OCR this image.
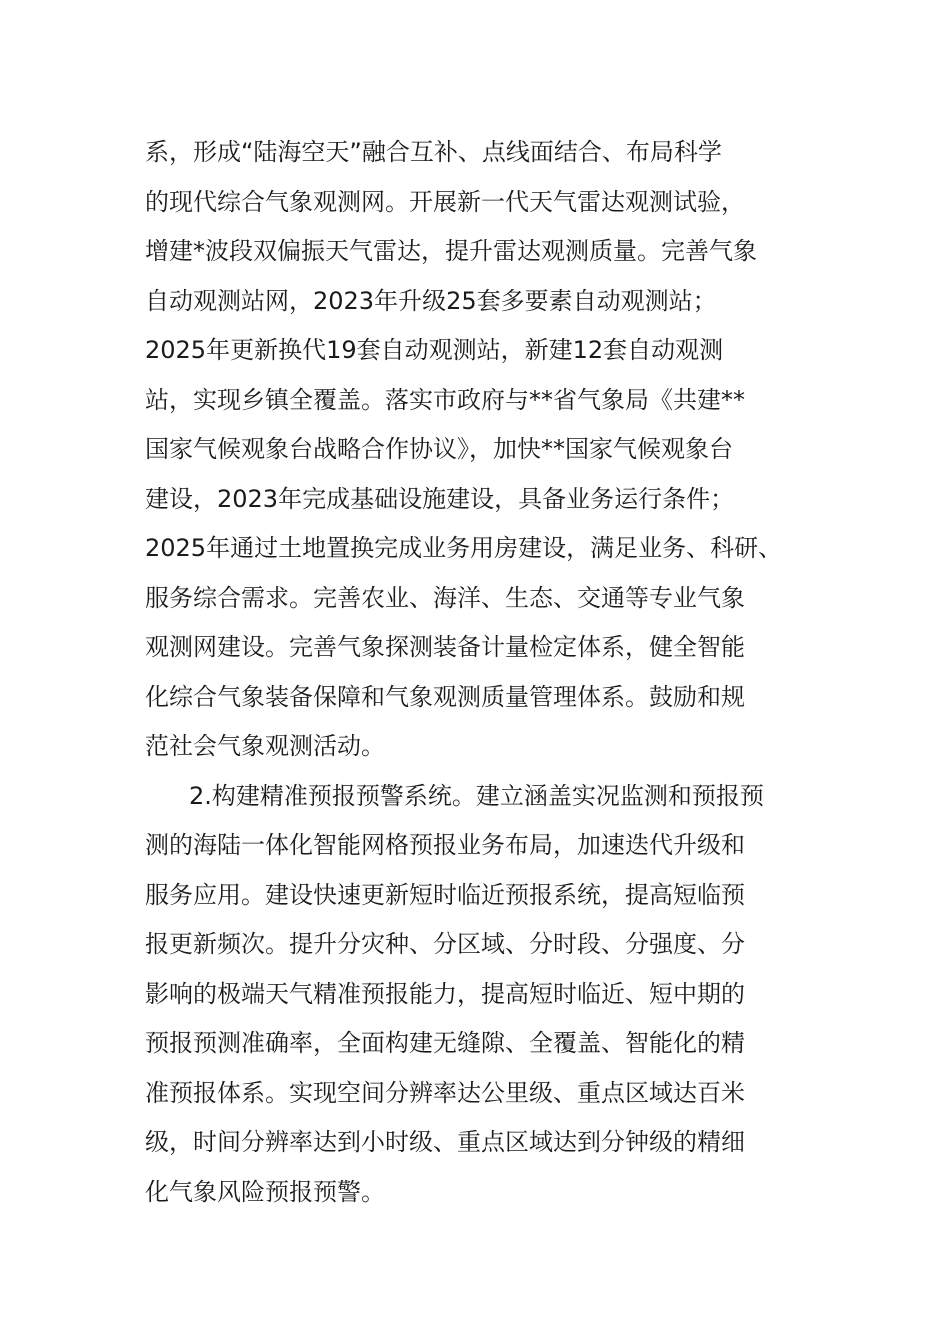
系，形成“陆海空天”融合互补、点线面结合、布局科学
的现代综合气象观测网。开展新一代天气雷达观测试验，
增建*波段双偏振天气雷达，提升雷达观测质量。完善气象
自动观测站网，2023年升级25套多要素自动观测站；
2025年更新换代19套自动观测站，新建12套自动观测
站，实现乡镇全覆盖。落实市政府与**省气象局《共建**
国家气候观象台战略合作协议》，加快**国家气候观象台
建设，2023年完成基础设施建设，具备业务运行条件；
2025年通过土地置换完成业务用房建设，满足业务、科研、
服务综合需求。完善农业、海洋、生态、交通等专业气象
观测网建设。完善气象探测装备计量检定体系，健全智能
化综合气象装备保障和气象观测质量管理体系。鼓励和规
范社会气象观测活动。
2.构建精准预报预警系统。建立涵盖实况监测和预报预
测的海陆一体化智能网格预报业务布局，加速迭代升级和
服务应用。建设快速更新短时临近预报系统，提高短临预
报更新频次。提升分灾种、分区域、分时段、分强度、分
影响的极端天气精准预报能力，提高短时临近、短中期的
预报预测准确率，全面构建无缝隙、全覆盖、智能化的精
准预报体系。实现空间分辨率达公里级、重点区域达百米
级，时间分辨率达到小时级、重点区域达到分钟级的精细
化气象风险预报预警。
